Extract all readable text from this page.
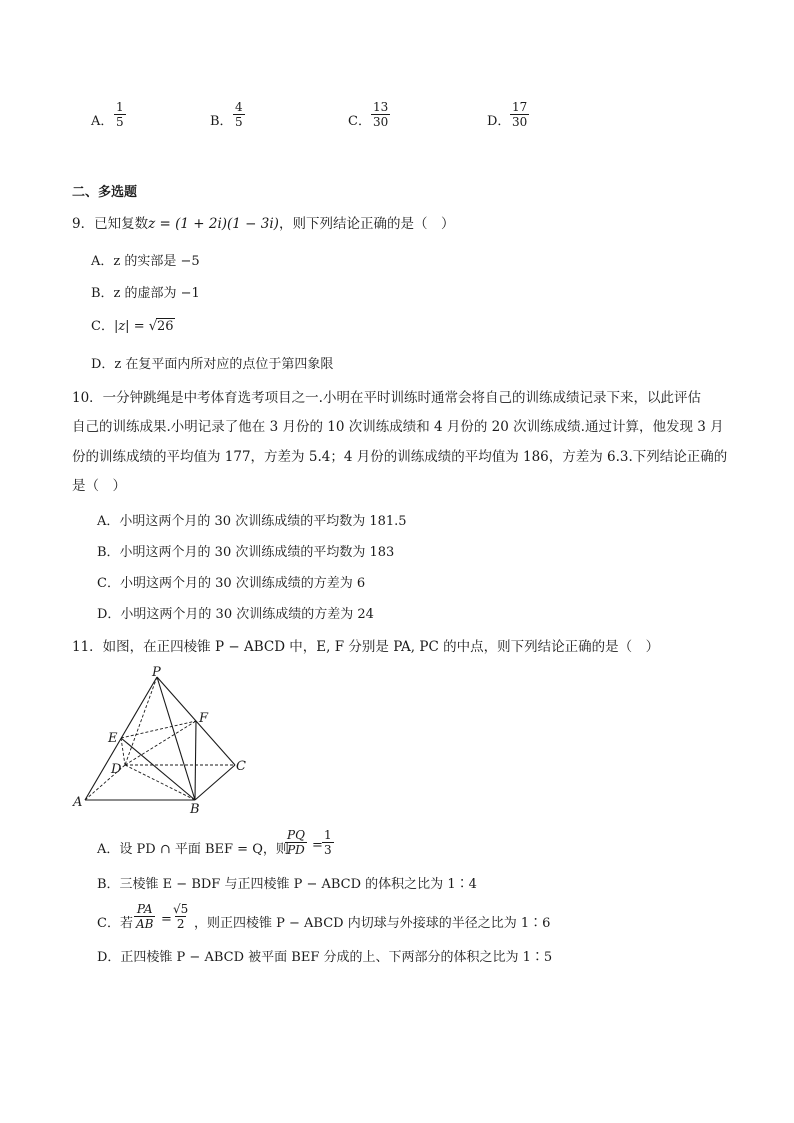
A． $\frac{1}{5}$	B． $\frac{4}{5}$	C． $\frac{13}{30}$	D． $\frac{17}{30}$
二、多选题
9．已知复数z = (1 + 2i)(1 − 3i)，则下列结论正确的是（　）
A．z 的实部是 −5
B．z 的虚部为 −1
C．|z| = √26
D．z 在复平面内所对应的点位于第四象限
10．一分钟跳绳是中考体育选考项目之一.小明在平时训练时通常会将自己的训练成绩记录下来，以此评估
自己的训练成果.小明记录了他在 3 月份的 10 次训练成绩和 4 月份的 20 次训练成绩.通过计算，他发现 3 月
份的训练成绩的平均值为 177，方差为 5.4；4 月份的训练成绩的平均值为 186，方差为 6.3.下列结论正确的
是（　）
A．小明这两个月的 30 次训练成绩的平均数为 181.5
B．小明这两个月的 30 次训练成绩的平均数为 183
C．小明这两个月的 30 次训练成绩的方差为 6
D．小明这两个月的 30 次训练成绩的方差为 24
11．如图，在正四棱锥 P − ABCD 中，E, F 分别是 PA, PC 的中点，则下列结论正确的是（　）
P
E
F
D	C
A	B
A．设 PD ∩ 平面 BEF = Q，则
$\frac{PQ}{PD} = \frac{1}{3}$
B．三棱锥 E − BDF 与正四棱锥 P − ABCD 的体积之比为 1∶4
C．若 $\frac{PA}{AB} = \frac{√5}{2}$ ，则正四棱锥 P − ABCD 内切球与外接球的半径之比为 1∶6
D．正四棱锥 P − ABCD 被平面 BEF 分成的上、下两部分的体积之比为 1∶5
